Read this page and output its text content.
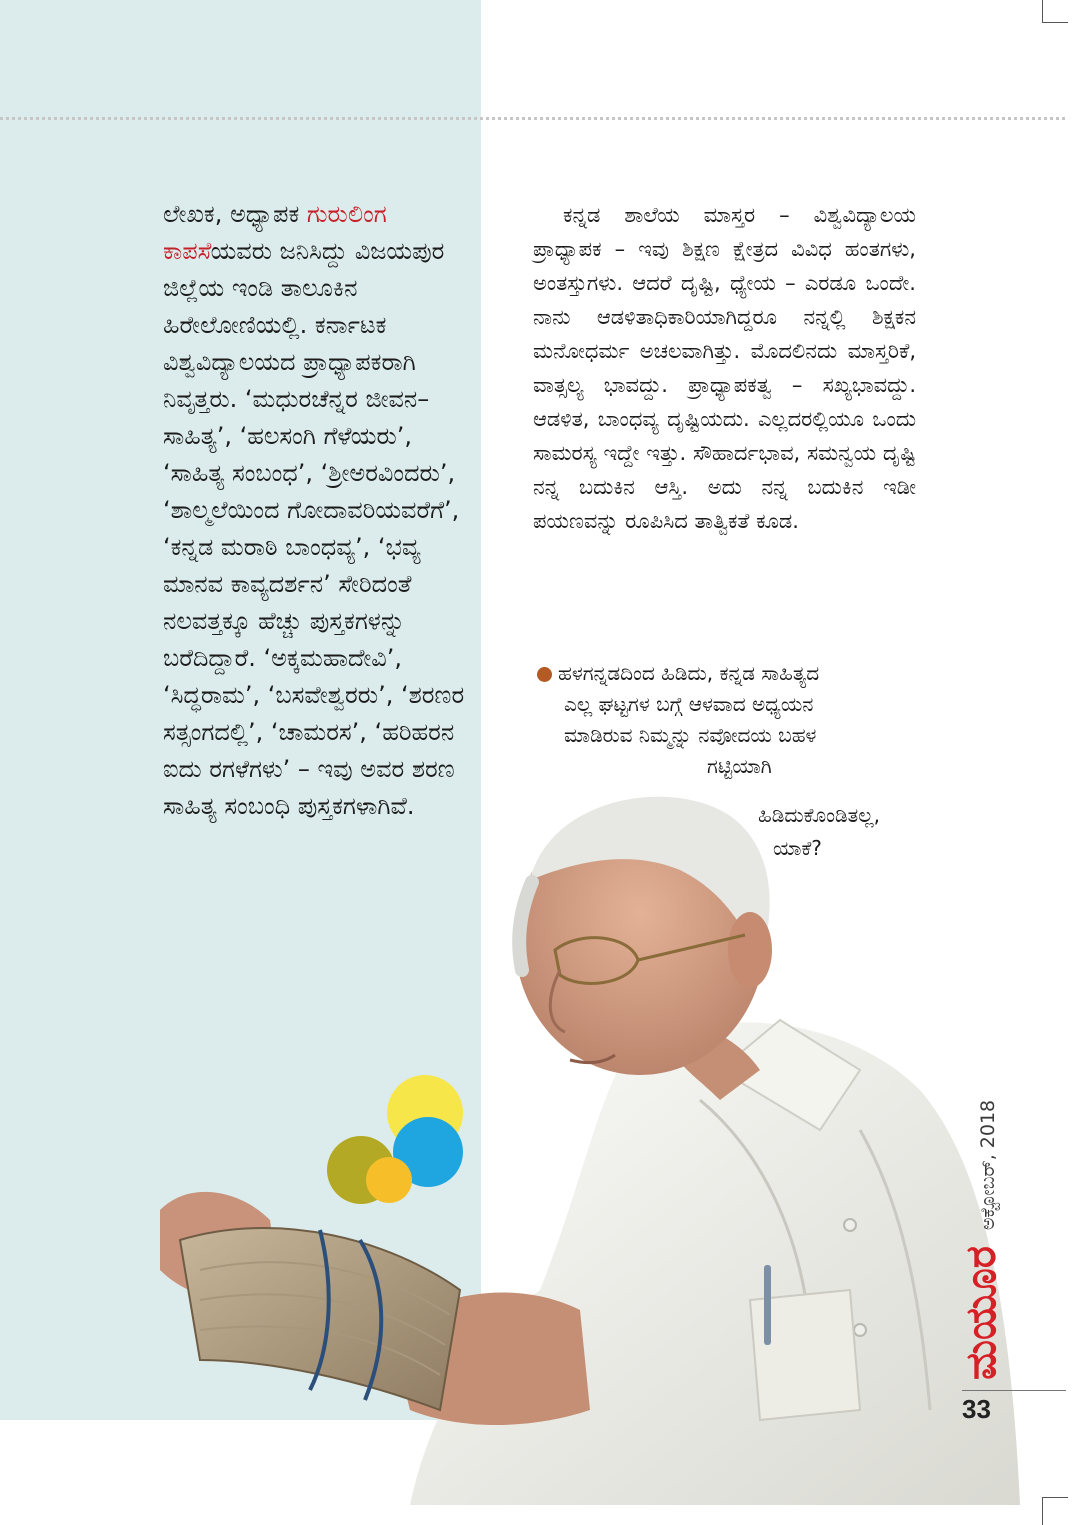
ಲೇಖಕ, ಅಧ್ಯಾಪಕ ಗುರುಲಿಂಗ ಕಾಪಸೆಯವರು ಜನಿಸಿದ್ದು ವಿಜಯಪುರ ಜಿಲ್ಲೆಯ ಇಂಡಿ ತಾಲೂಕಿನ ಹಿರೇಲೋಣಿಯಲ್ಲಿ. ಕರ್ನಾಟಕ ವಿಶ್ವವಿದ್ಯಾಲಯದ ಪ್ರಾಧ್ಯಾಪಕರಾಗಿ ನಿವೃತ್ತರು. ‘ಮಧುರಚೆನ್ನರ ಜೀವನ–ಸಾಹಿತ್ಯ’, ‘ಹಲಸಂಗಿ ಗೆಳೆಯರು’, ‘ಸಾಹಿತ್ಯ ಸಂಬಂಧ’, ‘ಶ್ರೀಅರವಿಂದರು’, ‘ಶಾಲ್ಮಲೆಯಿಂದ ಗೋದಾವರಿಯವರೆಗೆ’, ‘ಕನ್ನಡ ಮರಾಠಿ ಬಾಂಧವ್ಯ’, ‘ಭವ್ಯ ಮಾನವ ಕಾವ್ಯದರ್ಶನ’ ಸೇರಿದಂತೆ ನಲವತ್ತಕ್ಕೂ ಹೆಚ್ಚು ಪುಸ್ತಕಗಳನ್ನು ಬರೆದಿದ್ದಾರೆ. ‘ಅಕ್ಕಮಹಾದೇವಿ’, ‘ಸಿದ್ಧರಾಮ’, ‘ಬಸವೇಶ್ವರರು’, ‘ಶರಣರ ಸತ್ಸಂಗದಲ್ಲಿ’, ‘ಚಾಮರಸ’, ‘ಹರಿಹರನ ಐದು ರಗಳೆಗಳು’ – ಇವು ಅವರ ಶರಣ ಸಾಹಿತ್ಯ ಸಂಬಂಧಿ ಪುಸ್ತಕಗಳಾಗಿವೆ.
ಕನ್ನಡ ಶಾಲೆಯ ಮಾಸ್ತರ – ವಿಶ್ವವಿದ್ಯಾಲಯ ಪ್ರಾಧ್ಯಾಪಕ – ಇವು ಶಿಕ್ಷಣ ಕ್ಷೇತ್ರದ ವಿವಿಧ ಹಂತಗಳು, ಅಂತಸ್ತುಗಳು. ಆದರೆ ದೃಷ್ಟಿ, ಧ್ಯೇಯ – ಎರಡೂ ಒಂದೇ. ನಾನು ಆಡಳಿತಾಧಿಕಾರಿಯಾಗಿದ್ದರೂ ನನ್ನಲ್ಲಿ ಶಿಕ್ಷಕನ ಮನೋಧರ್ಮ ಅಚಲವಾಗಿತ್ತು. ಮೊದಲಿನದು ಮಾಸ್ತರಿಕೆ, ವಾತ್ಸಲ್ಯ ಭಾವದ್ದು. ಪ್ರಾಧ್ಯಾಪಕತ್ವ – ಸಖ್ಯಭಾವದ್ದು. ಆಡಳಿತ, ಬಾಂಧವ್ಯ ದೃಷ್ಟಿಯದು. ಎಲ್ಲದರಲ್ಲಿಯೂ ಒಂದು ಸಾಮರಸ್ಯ ಇದ್ದೇ ಇತ್ತು. ಸೌಹಾರ್ದಭಾವ, ಸಮನ್ವಯ ದೃಷ್ಟಿ ನನ್ನ ಬದುಕಿನ ಆಸ್ತಿ. ಅದು ನನ್ನ ಬದುಕಿನ ಇಡೀ ಪಯಣವನ್ನು ರೂಪಿಸಿದ ತಾತ್ವಿಕತೆ ಕೂಡ.
ಹಳಗನ್ನಡದಿಂದ ಹಿಡಿದು, ಕನ್ನಡ ಸಾಹಿತ್ಯದ
ಎಲ್ಲ ಘಟ್ಟಗಳ ಬಗ್ಗೆ ಆಳವಾದ ಅಧ್ಯಯನ
ಮಾಡಿರುವ ನಿಮ್ಮನ್ನು ನವೋದಯ ಬಹಳ
ಗಟ್ಟಿಯಾಗಿ
ಹಿಡಿದುಕೊಂಡಿತಲ್ಲ,
ಯಾಕೆ?
ಅಕ್ಟೋಬರ್, 2018
ಮಯೂರ
33
